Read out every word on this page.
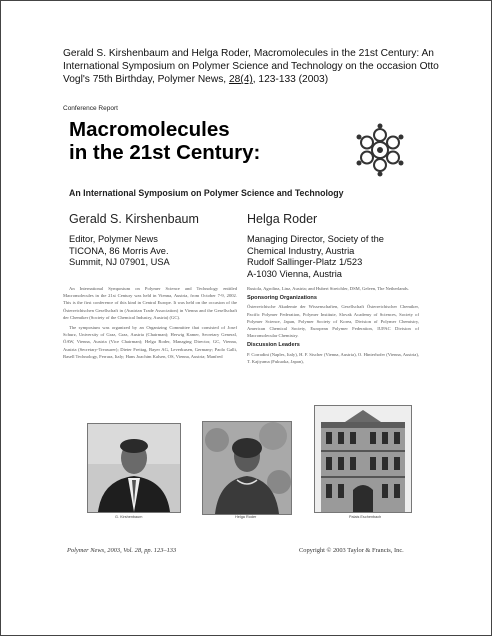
Gerald S. Kirshenbaum and Helga Roder, Macromolecules in the 21st Century: An International Symposium on Polymer Science and Technology on the occasion Otto Vogl's 75th Birthday, Polymer News, 28(4), 123-133 (2003)
Conference Report
Macromolecules
in the 21st Century:
An International Symposium on Polymer Science and Technology
Gerald S. Kirshenbaum
Editor, Polymer News
TICONA, 86 Morris Ave.
Summit, NJ 07901, USA
Helga Roder
Managing Director, Society of the
Chemical Industry, Austria
Rudolf Sallinger-Platz 1/523
A-1030 Vienna, Austria

An International Symposium on Polymer Science and Technology entitled Macromolecules in the 21st Century was held in Vienna, Austria, from October 7-9, 2002. This is the first conference of this kind in Central Europe. It was held on the occasion of the Österreichischen Gesellschaft in (Austrian Trade Association) in Vienna and the Gesellschaft der Chemiker (Society of the Chemical Industry, Austria) (GC).

The symposium was organized by an Organizing Committee that consisted of Josef Schurz, University of Graz, Graz, Austria (Chairman); Herwig Kamer, Secretary General, ÖAW, Vienna, Austria (Vice Chairman); Helga Roder, Managing Director, GC, Vienna, Austria (Secretary-Treasurer); Dieter Freitag, Bayer AG, Leverkusen, Germany; Paolo Galli, Basell Technology, Ferrara, Italy; Hans Joachim Kalsen, OS, Vienna, Austria; Manfred

Rusiola, Agrolinz, Linz, Austria; and Hubert Streichler, DSM, Geleen, The Netherlands.

Sponsoring Organizations

Österreichische Akademie der Wissenschaften, Gesellschaft Österreichischer Chemiker, Pacific Polymer Federation, Polymer Institute, Slovak Academy of Sciences, Society of Polymer Science, Japan, Polymer Society of Korea, Division of Polymer Chemistry, American Chemical Society, European Polymer Federation, IUPAC Division of Macromolecular Chemistry.

Discussion Leaders

P. Corradini (Naples, Italy), H. F. Sischer (Vienna, Austria), O. Hinterhofer (Vienna, Austria), T. Kajiyama (Fukuoka, Japan),

G. Kirshenbaum	Helga Roder	Palais Eschenbach
Polymer News, 2003, Vol. 28, pp. 123–133	Copyright © 2003 Taylor & Francis, Inc.
